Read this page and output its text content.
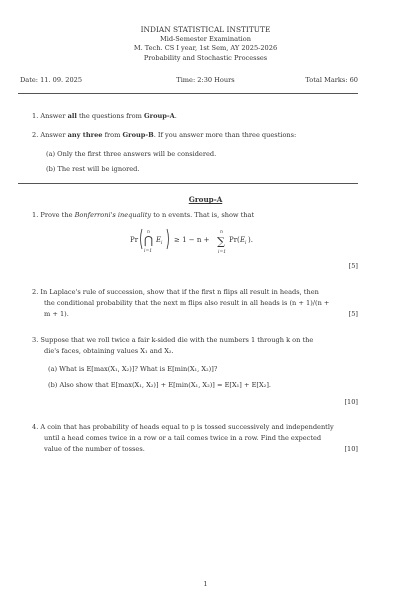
INDIAN STATISTICAL INSTITUTE
Mid-Semester Examination
M. Tech. CS I year, 1st Sem, AY 2025-2026
Probability and Stochastic Processes
Date: 11. 09. 2025	Time: 2:30 Hours	Total Marks: 60
1. Answer all the questions from Group-A.
2. Answer any three from Group-B. If you answer more than three questions:
(a) Only the first three answers will be considered.
(b) The rest will be ignored.
Group-A
1. Prove the Bonferroni's inequality to n events. That is, show that
Pr
n
⋂
i=1
E i ≥ 1 − n +
n
∑
i=1
Pr( E i ).
[5]
2. In Laplace's rule of succession, show that if the first n flips all result in heads, then
the conditional probability that the next m flips also result in all heads is (n + 1)/(n +
m + 1).	[5]
3. Suppose that we roll twice a fair k-sided die with the numbers 1 through k on the
die's faces, obtaining values X₁ and X₂.
(a) What is E[max(X₁, X₂)]? What is E[min(X₁, X₂)]?
(b) Also show that E[max(X₁, X₂)] + E[min(X₁, X₂)] = E[X₁] + E[X₂].
[10]
4. A coin that has probability of heads equal to p is tossed successively and independently
until a head comes twice in a row or a tail comes twice in a row. Find the expected
value of the number of tosses.	[10]
1
